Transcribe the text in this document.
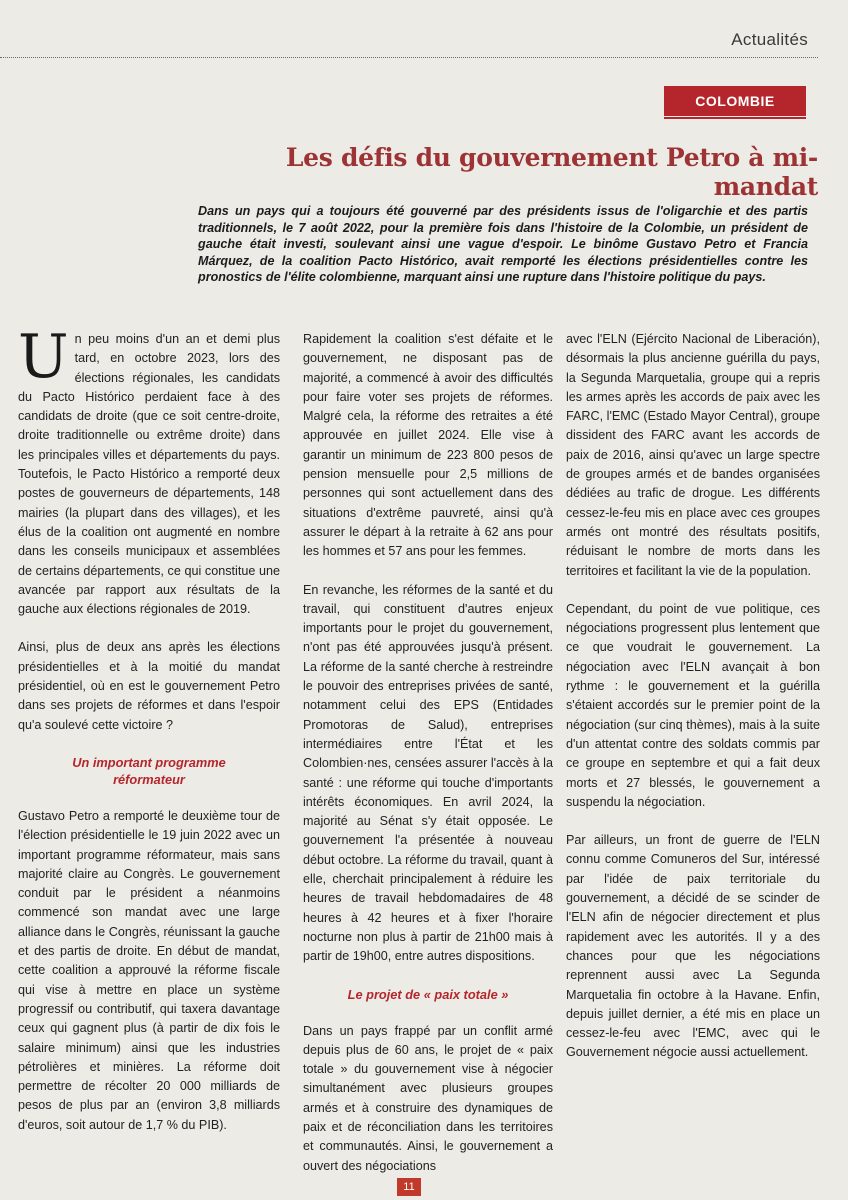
Actualités
COLOMBIE
Les défis du gouvernement Petro à mi-mandat

Dans un pays qui a toujours été gouverné par des présidents issus de l'oligarchie et des partis traditionnels, le 7 août 2022, pour la première fois dans l'histoire de la Colombie, un président de gauche était investi, soulevant ainsi une vague d'espoir. Le binôme Gustavo Petro et Francia Márquez, de la coalition Pacto Histórico, avait remporté les élections présidentielles contre les pronostics de l'élite colombienne, marquant ainsi une rupture dans l'histoire politique du pays.

Un peu moins d'un an et demi plus tard, en octobre 2023, lors des élections régionales, les candidats du Pacto Histórico perdaient face à des candidats de droite (que ce soit centre-droite, droite traditionnelle ou extrême droite) dans les principales villes et départements du pays. Toutefois, le Pacto Histórico a remporté deux postes de gouverneurs de départements, 148 mairies (la plupart dans des villages), et les élus de la coalition ont augmenté en nombre dans les conseils municipaux et assemblées de certains départements, ce qui constitue une avancée par rapport aux résultats de la gauche aux élections régionales de 2019.

Ainsi, plus de deux ans après les élections présidentielles et à la moitié du mandat présidentiel, où en est le gouvernement Petro dans ses projets de réformes et dans l'espoir qu'a soulevé cette victoire ?

Un important programme réformateur

Gustavo Petro a remporté le deuxième tour de l'élection présidentielle le 19 juin 2022 avec un important programme réformateur, mais sans majorité claire au Congrès. Le gouvernement conduit par le président a néanmoins commencé son mandat avec une large alliance dans le Congrès, réunissant la gauche et des partis de droite. En début de mandat, cette coalition a approuvé la réforme fiscale qui vise à mettre en place un système progressif ou contributif, qui taxera davantage ceux qui gagnent plus (à partir de dix fois le salaire minimum) ainsi que les industries pétrolières et minières. La réforme doit permettre de récolter 20 000 milliards de pesos de plus par an (environ 3,8 milliards d'euros, soit autour de 1,7 % du PIB).

Rapidement la coalition s'est défaite et le gouvernement, ne disposant pas de majorité, a commencé à avoir des difficultés pour faire voter ses projets de réformes. Malgré cela, la réforme des retraites a été approuvée en juillet 2024. Elle vise à garantir un minimum de 223 800 pesos de pension mensuelle pour 2,5 millions de personnes qui sont actuellement dans des situations d'extrême pauvreté, ainsi qu'à assurer le départ à la retraite à 62 ans pour les hommes et 57 ans pour les femmes.

En revanche, les réformes de la santé et du travail, qui constituent d'autres enjeux importants pour le projet du gouvernement, n'ont pas été approuvées jusqu'à présent. La réforme de la santé cherche à restreindre le pouvoir des entreprises privées de santé, notamment celui des EPS (Entidades Promotoras de Salud), entreprises intermédiaires entre l'État et les Colombien·nes, censées assurer l'accès à la santé : une réforme qui touche d'importants intérêts économiques. En avril 2024, la majorité au Sénat s'y était opposée. Le gouvernement l'a présentée à nouveau début octobre. La réforme du travail, quant à elle, cherchait principalement à réduire les heures de travail hebdomadaires de 48 heures à 42 heures et à fixer l'horaire nocturne non plus à partir de 21h00 mais à partir de 19h00, entre autres dispositions.

Le projet de « paix totale »

Dans un pays frappé par un conflit armé depuis plus de 60 ans, le projet de « paix totale » du gouvernement vise à négocier simultanément avec plusieurs groupes armés et à construire des dynamiques de paix et de réconciliation dans les territoires et communautés. Ainsi, le gouvernement a ouvert des négociations

avec l'ELN (Ejército Nacional de Liberación), désormais la plus ancienne guérilla du pays, la Segunda Marquetalia, groupe qui a repris les armes après les accords de paix avec les FARC, l'EMC (Estado Mayor Central), groupe dissident des FARC avant les accords de paix de 2016, ainsi qu'avec un large spectre de groupes armés et de bandes organisées dédiées au trafic de drogue. Les différents cessez-le-feu mis en place avec ces groupes armés ont montré des résultats positifs, réduisant le nombre de morts dans les territoires et facilitant la vie de la population.

Cependant, du point de vue politique, ces négociations progressent plus lentement que ce que voudrait le gouvernement. La négociation avec l'ELN avançait à bon rythme : le gouvernement et la guérilla s'étaient accordés sur le premier point de la négociation (sur cinq thèmes), mais à la suite d'un attentat contre des soldats commis par ce groupe en septembre et qui a fait deux morts et 27 blessés, le gouvernement a suspendu la négociation.

Par ailleurs, un front de guerre de l'ELN connu comme Comuneros del Sur, intéressé par l'idée de paix territoriale du gouvernement, a décidé de se scinder de l'ELN afin de négocier directement et plus rapidement avec les autorités. Il y a des chances pour que les négociations reprennent aussi avec La Segunda Marquetalia fin octobre à la Havane. Enfin, depuis juillet dernier, a été mis en place un cessez-le-feu avec l'EMC, avec qui le Gouvernement négocie aussi actuellement.

11
